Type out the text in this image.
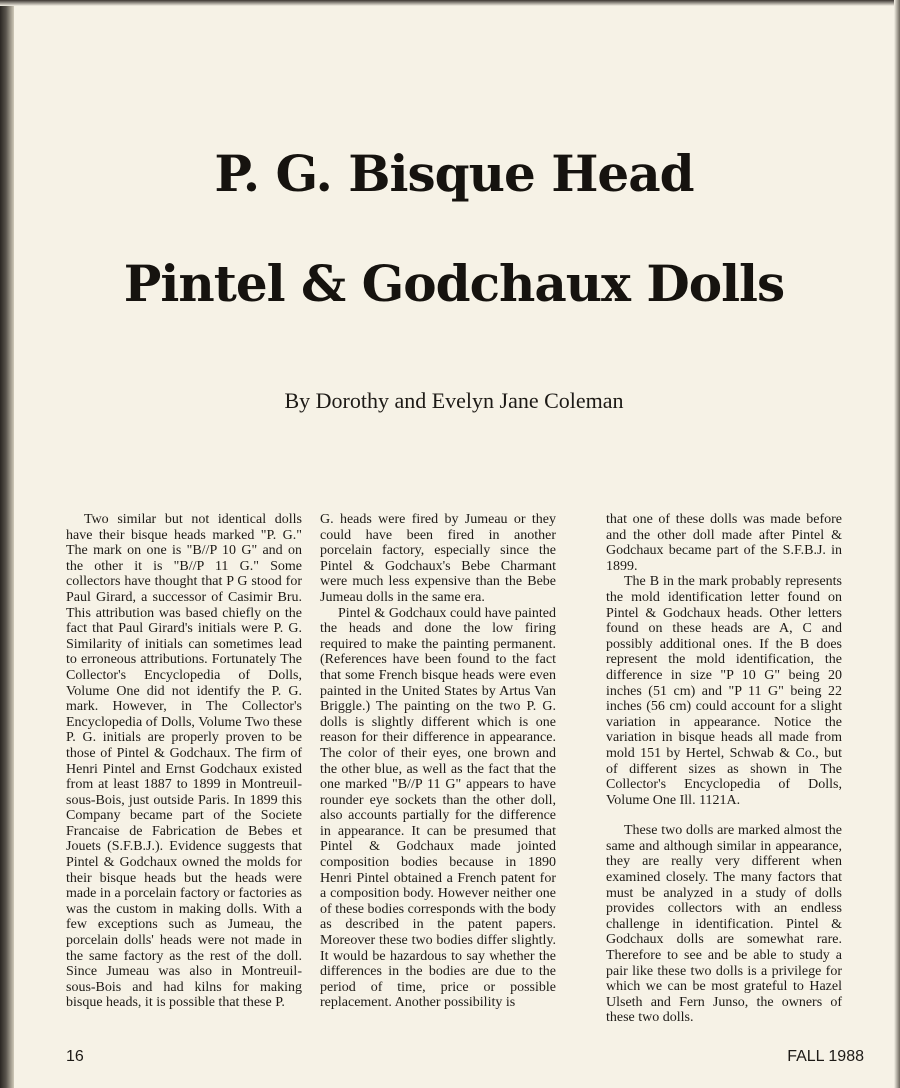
P. G. Bisque Head
Pintel & Godchaux Dolls

By Dorothy and Evelyn Jane Coleman

Two similar but not identical dolls have their bisque heads marked "P. G." The mark on one is "B//P 10 G" and on the other it is "B//P 11 G." Some collectors have thought that P G stood for Paul Girard, a successor of Casimir Bru. This attribution was based chiefly on the fact that Paul Girard's initials were P. G. Similarity of initials can sometimes lead to erroneous attributions. Fortunately The Collector's Encyclopedia of Dolls, Volume One did not identify the P. G. mark. However, in The Collector's Encyclopedia of Dolls, Volume Two these P. G. initials are properly proven to be those of Pintel & Godchaux. The firm of Henri Pintel and Ernst Godchaux existed from at least 1887 to 1899 in Montreuil-sous-Bois, just outside Paris. In 1899 this Company became part of the Societe Francaise de Fabrication de Bebes et Jouets (S.F.B.J.). Evidence suggests that Pintel & Godchaux owned the molds for their bisque heads but the heads were made in a porcelain factory or factories as was the custom in making dolls. With a few exceptions such as Jumeau, the porcelain dolls' heads were not made in the same factory as the rest of the doll. Since Jumeau was also in Montreuil-sous-Bois and had kilns for making bisque heads, it is possible that these P.

G. heads were fired by Jumeau or they could have been fired in another porcelain factory, especially since the Pintel & Godchaux's Bebe Charmant were much less expensive than the Bebe Jumeau dolls in the same era.

Pintel & Godchaux could have painted the heads and done the low firing required to make the painting permanent. (References have been found to the fact that some French bisque heads were even painted in the United States by Artus Van Briggle.) The painting on the two P. G. dolls is slightly different which is one reason for their difference in appearance. The color of their eyes, one brown and the other blue, as well as the fact that the one marked "B//P 11 G" appears to have rounder eye sockets than the other doll, also accounts partially for the difference in appearance. It can be presumed that Pintel & Godchaux made jointed composition bodies because in 1890 Henri Pintel obtained a French patent for a composition body. However neither one of these bodies corresponds with the body as described in the patent papers. Moreover these two bodies differ slightly. It would be hazardous to say whether the differences in the bodies are due to the period of time, price or possible replacement. Another possibility is

that one of these dolls was made before and the other doll made after Pintel & Godchaux became part of the S.F.B.J. in 1899.

The B in the mark probably represents the mold identification letter found on Pintel & Godchaux heads. Other letters found on these heads are A, C and possibly additional ones. If the B does represent the mold identification, the difference in size "P 10 G" being 20 inches (51 cm) and "P 11 G" being 22 inches (56 cm) could account for a slight variation in appearance. Notice the variation in bisque heads all made from mold 151 by Hertel, Schwab & Co., but of different sizes as shown in The Collector's Encyclopedia of Dolls, Volume One Ill. 1121A.

These two dolls are marked almost the same and although similar in appearance, they are really very different when examined closely. The many factors that must be analyzed in a study of dolls provides collectors with an endless challenge in identification. Pintel & Godchaux dolls are somewhat rare. Therefore to see and be able to study a pair like these two dolls is a privilege for which we can be most grateful to Hazel Ulseth and Fern Junso, the owners of these two dolls.

16	FALL 1988
